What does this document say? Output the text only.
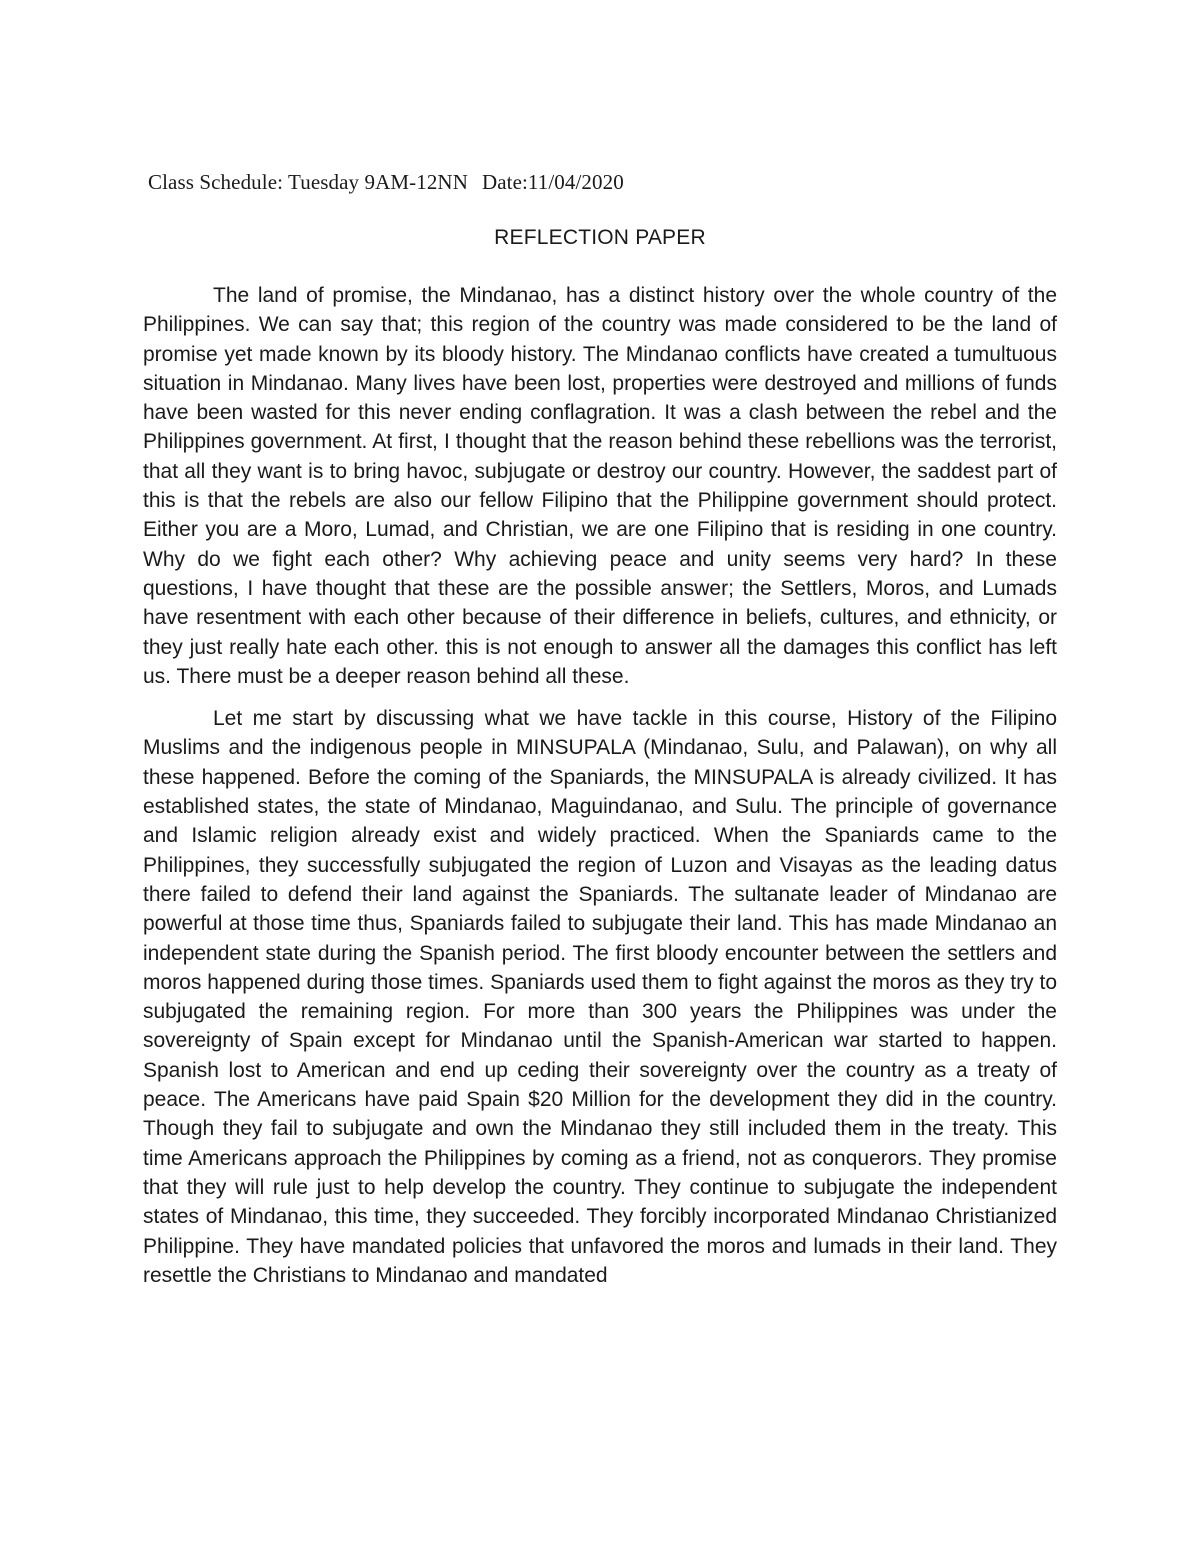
Class Schedule: Tuesday 9AM-12NN Date:11/04/2020
REFLECTION PAPER

The land of promise, the Mindanao, has a distinct history over the whole country of the Philippines. We can say that; this region of the country was made considered to be the land of promise yet made known by its bloody history. The Mindanao conflicts have created a tumultuous situation in Mindanao. Many lives have been lost, properties were destroyed and millions of funds have been wasted for this never ending conflagration. It was a clash between the rebel and the Philippines government. At first, I thought that the reason behind these rebellions was the terrorist, that all they want is to bring havoc, subjugate or destroy our country. However, the saddest part of this is that the rebels are also our fellow Filipino that the Philippine government should protect. Either you are a Moro, Lumad, and Christian, we are one Filipino that is residing in one country. Why do we fight each other? Why achieving peace and unity seems very hard? In these questions, I have thought that these are the possible answer; the Settlers, Moros, and Lumads have resentment with each other because of their difference in beliefs, cultures, and ethnicity, or they just really hate each other. this is not enough to answer all the damages this conflict has left us. There must be a deeper reason behind all these.

Let me start by discussing what we have tackle in this course, History of the Filipino Muslims and the indigenous people in MINSUPALA (Mindanao, Sulu, and Palawan), on why all these happened. Before the coming of the Spaniards, the MINSUPALA is already civilized. It has established states, the state of Mindanao, Maguindanao, and Sulu. The principle of governance and Islamic religion already exist and widely practiced. When the Spaniards came to the Philippines, they successfully subjugated the region of Luzon and Visayas as the leading datus there failed to defend their land against the Spaniards. The sultanate leader of Mindanao are powerful at those time thus, Spaniards failed to subjugate their land. This has made Mindanao an independent state during the Spanish period. The first bloody encounter between the settlers and moros happened during those times. Spaniards used them to fight against the moros as they try to subjugated the remaining region. For more than 300 years the Philippines was under the sovereignty of Spain except for Mindanao until the Spanish-American war started to happen. Spanish lost to American and end up ceding their sovereignty over the country as a treaty of peace. The Americans have paid Spain $20 Million for the development they did in the country. Though they fail to subjugate and own the Mindanao they still included them in the treaty. This time Americans approach the Philippines by coming as a friend, not as conquerors. They promise that they will rule just to help develop the country. They continue to subjugate the independent states of Mindanao, this time, they succeeded. They forcibly incorporated Mindanao Christianized Philippine. They have mandated policies that unfavored the moros and lumads in their land. They resettle the Christians to Mindanao and mandated
